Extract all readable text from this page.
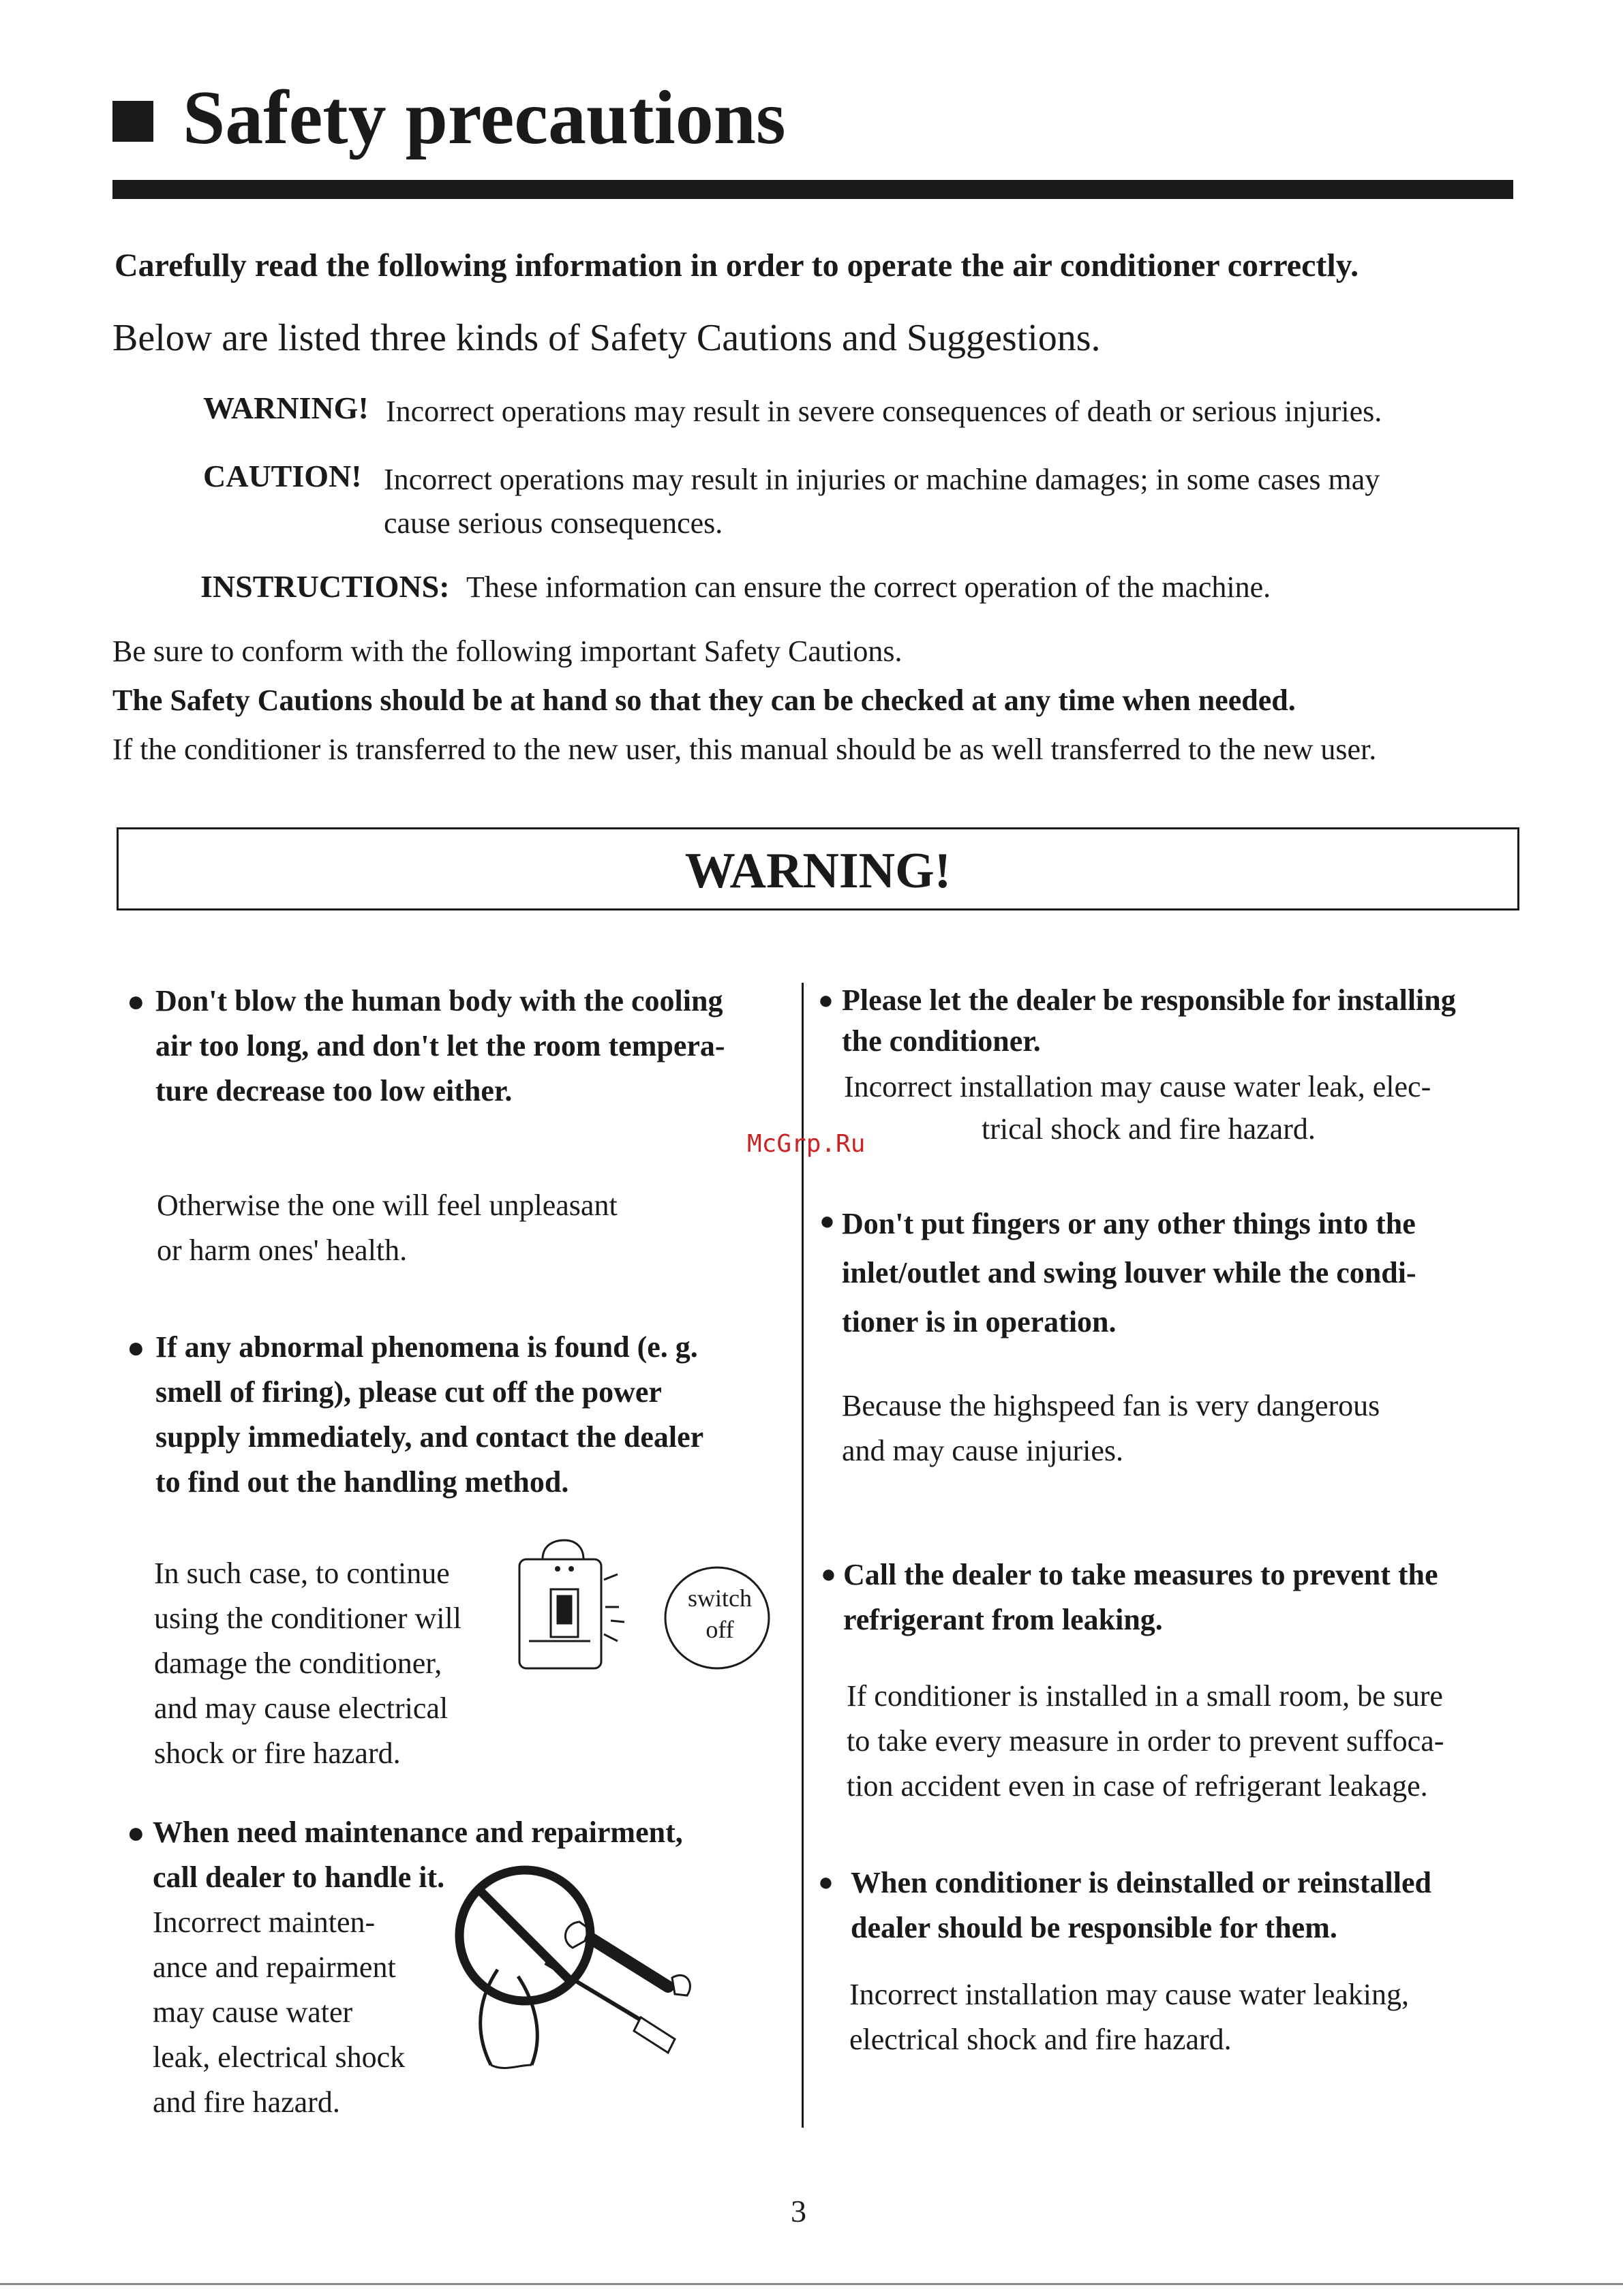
Safety precautions
Carefully read the following information in order to operate the air conditioner correctly.
Below are listed three kinds of Safety Cautions and Suggestions.
WARNING! Incorrect operations may result in severe consequences of death or serious injuries.
CAUTION! Incorrect operations may result in injuries or machine damages; in some cases may
cause serious consequences.
INSTRUCTIONS: These information can ensure the correct operation of the machine.
Be sure to conform with the following important Safety Cautions.
The Safety Cautions should be at hand so that they can be checked at any time when needed.
If the conditioner is transferred to the new user, this manual should be as well transferred to the new user.
WARNING!
McGrp.Ru
● Don't blow the human body with the cooling
air too long, and don't let the room tempera-
ture decrease too low either.
Otherwise the one will feel unpleasant
or harm ones' health.
● If any abnormal phenomena is found (e. g.
smell of firing), please cut off the power
supply immediately, and contact the dealer
to find out the handling method.
In such case, to continue
using the conditioner will
damage the conditioner,
and may cause electrical
shock or fire hazard.
switch
off
● When need maintenance and repairment,
call dealer to handle it.
Incorrect mainten-
ance and repairment
may cause water
leak, electrical shock
and fire hazard.
● Please let the dealer be responsible for installing
the conditioner.
Incorrect installation may cause water leak, elec-
trical shock and fire hazard.
● Don't put fingers or any other things into the
inlet/outlet and swing louver while the condi-
tioner is in operation.
Because the highspeed fan is very dangerous
and may cause injuries.
● Call the dealer to take measures to prevent the
refrigerant from leaking.
If conditioner is installed in a small room, be sure
to take every measure in order to prevent suffoca-
tion accident even in case of refrigerant leakage.
● When conditioner is deinstalled or reinstalled
dealer should be responsible for them.
Incorrect installation may cause water leaking,
electrical shock and fire hazard.
3
